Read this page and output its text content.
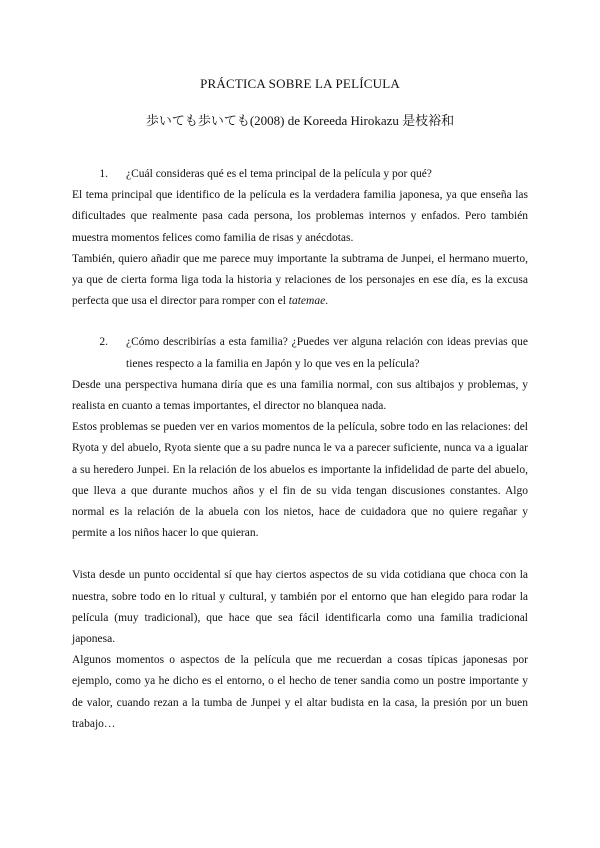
PRÁCTICA SOBRE LA PELÍCULA
歩いても歩いても(2008) de Koreeda Hirokazu 是枝裕和
1.	¿Cuál consideras qué es el tema principal de la película y por qué?

El tema principal que identifico de la película es la verdadera familia japonesa, ya que enseña las dificultades que realmente pasa cada persona, los problemas internos y enfados. Pero también muestra momentos felices como familia de risas y anécdotas.

También, quiero añadir que me parece muy importante la subtrama de Junpei, el hermano muerto, ya que de cierta forma liga toda la historia y relaciones de los personajes en ese día, es la excusa perfecta que usa el director para romper con el tatemae.

2.	¿Cómo describirías a esta familia? ¿Puedes ver alguna relación con ideas previas que tienes respecto a la familia en Japón y lo que ves en la película?

Desde una perspectiva humana diría que es una familia normal, con sus altibajos y problemas, y realista en cuanto a temas importantes, el director no blanquea nada.

Estos problemas se pueden ver en varios momentos de la película, sobre todo en las relaciones: del Ryota y del abuelo, Ryota siente que a su padre nunca le va a parecer suficiente, nunca va a igualar a su heredero Junpei. En la relación de los abuelos es importante la infidelidad de parte del abuelo, que lleva a que durante muchos años y el fin de su vida tengan discusiones constantes. Algo normal es la relación de la abuela con los nietos, hace de cuidadora que no quiere regañar y permite a los niños hacer lo que quieran.

Vista desde un punto occidental sí que hay ciertos aspectos de su vida cotidiana que choca con la nuestra, sobre todo en lo ritual y cultural, y también por el entorno que han elegido para rodar la película (muy tradicional), que hace que sea fácil identificarla como una familia tradicional japonesa.

Algunos momentos o aspectos de la película que me recuerdan a cosas típicas japonesas por ejemplo, como ya he dicho es el entorno, o el hecho de tener sandia como un postre importante y de valor, cuando rezan a la tumba de Junpei y el altar budista en la casa, la presión por un buen trabajo…
